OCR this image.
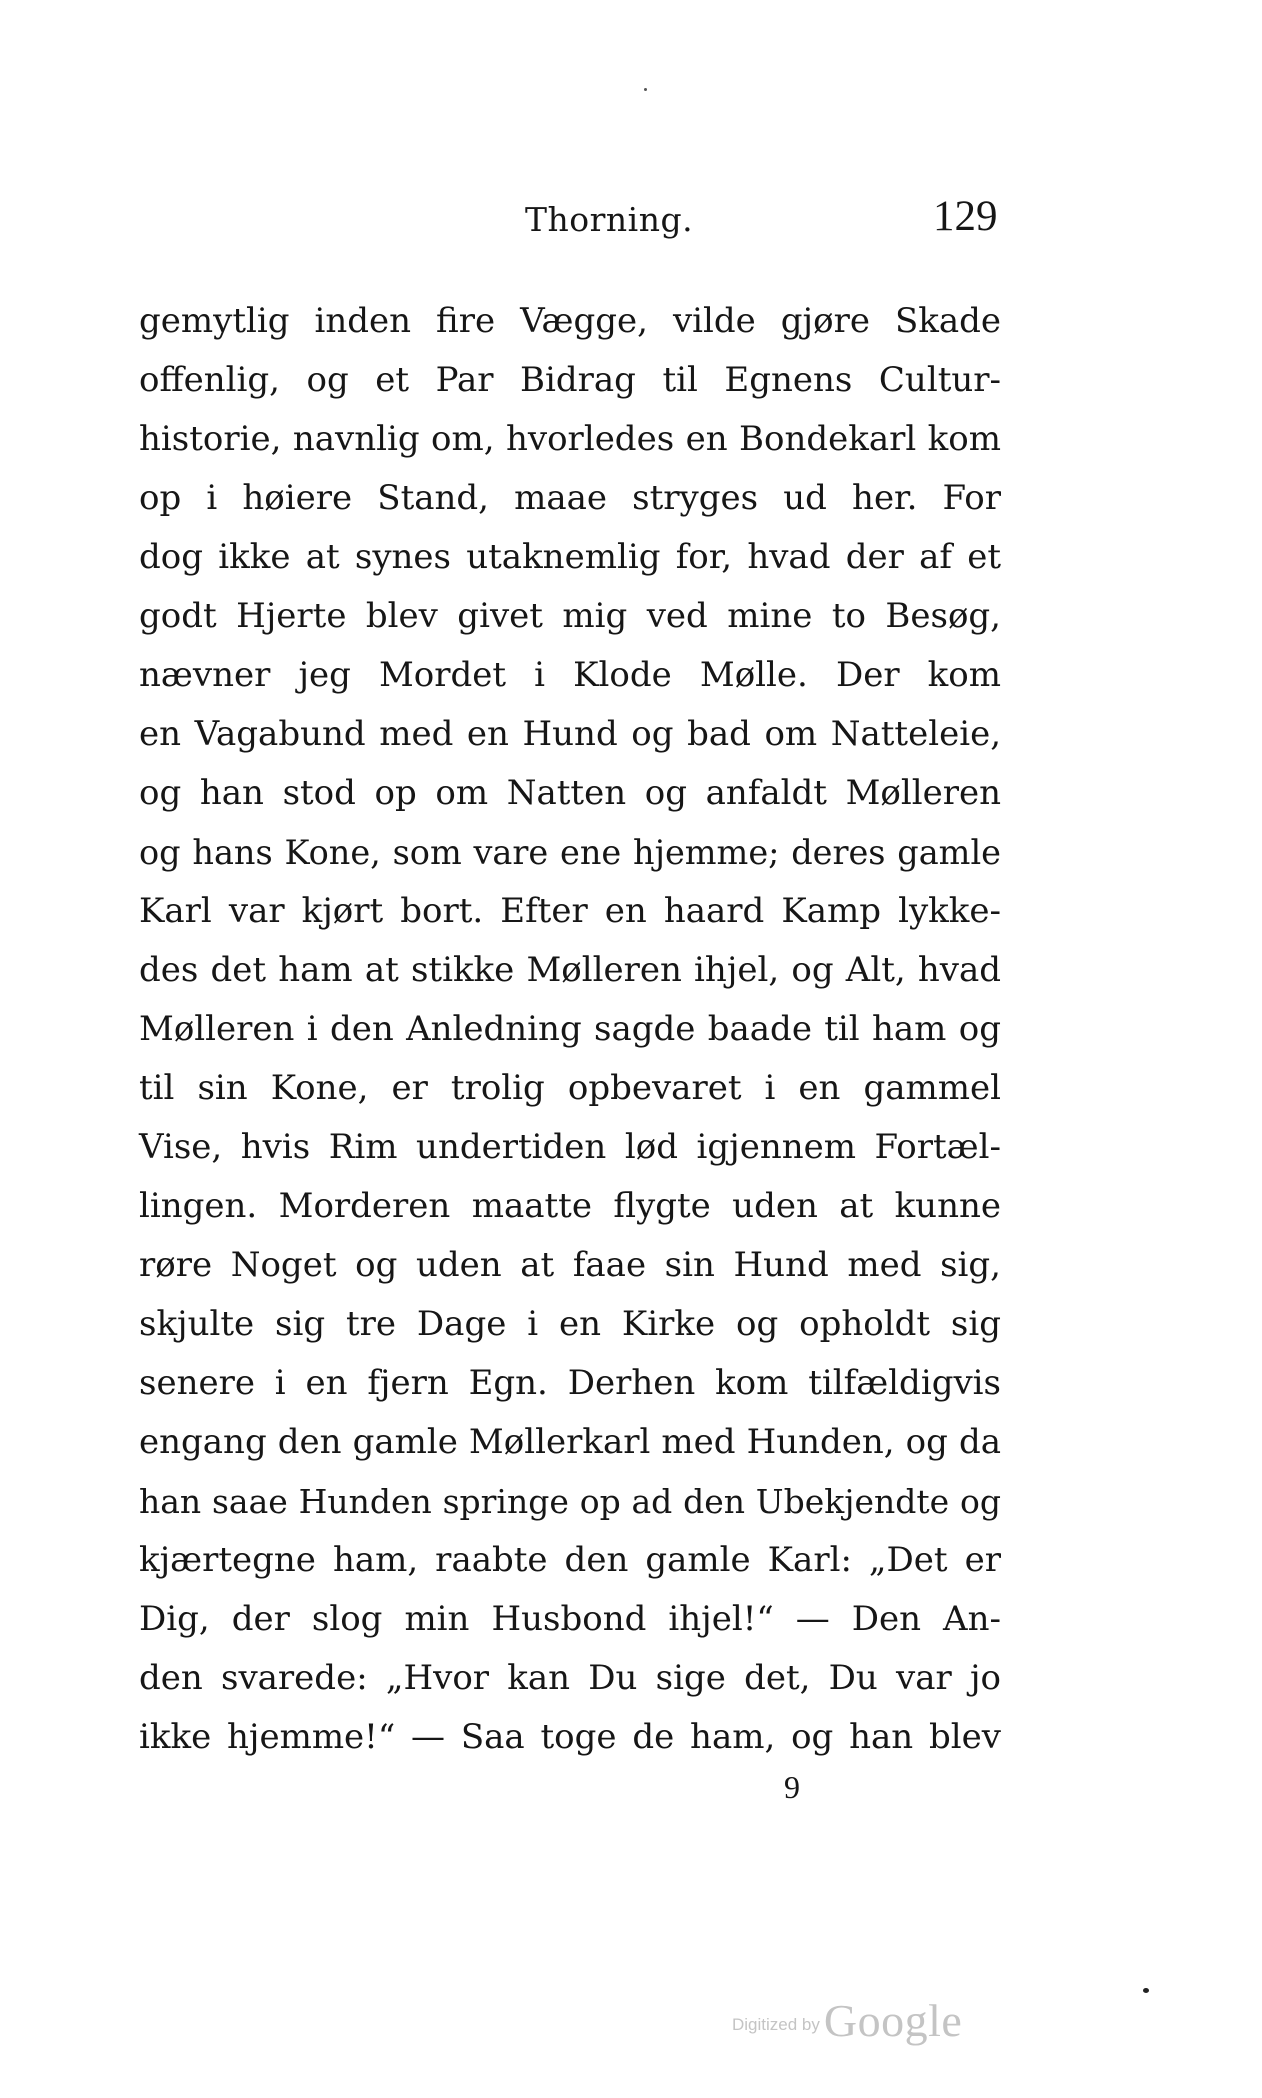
Thorning.	129
gemytlig inden fire Vægge, vilde gjøre Skade
offenlig, og et Par Bidrag til Egnens Cultur-
historie, navnlig om, hvorledes en Bondekarl kom
op i høiere Stand, maae stryges ud her. For
dog ikke at synes utaknemlig for, hvad der af et
godt Hjerte blev givet mig ved mine to Besøg,
nævner jeg Mordet i Klode Mølle. Der kom
en Vagabund med en Hund og bad om Natteleie,
og han stod op om Natten og anfaldt Mølleren
og hans Kone, som vare ene hjemme; deres gamle
Karl var kjørt bort. Efter en haard Kamp lykke-
des det ham at stikke Mølleren ihjel, og Alt, hvad
Mølleren i den Anledning sagde baade til ham og
til sin Kone, er trolig opbevaret i en gammel
Vise, hvis Rim undertiden lød igjennem Fortæl-
lingen. Morderen maatte flygte uden at kunne
røre Noget og uden at faae sin Hund med sig,
skjulte sig tre Dage i en Kirke og opholdt sig
senere i en fjern Egn. Derhen kom tilfældigvis
engang den gamle Møllerkarl med Hunden, og da
han saae Hunden springe op ad den Ubekjendte og
kjærtegne ham, raabte den gamle Karl: „Det er
Dig, der slog min Husbond ihjel!“ — Den An-
den svarede: „Hvor kan Du sige det, Du var jo
ikke hjemme!“ — Saa toge de ham, og han blev
9
Digitized byGoogle
